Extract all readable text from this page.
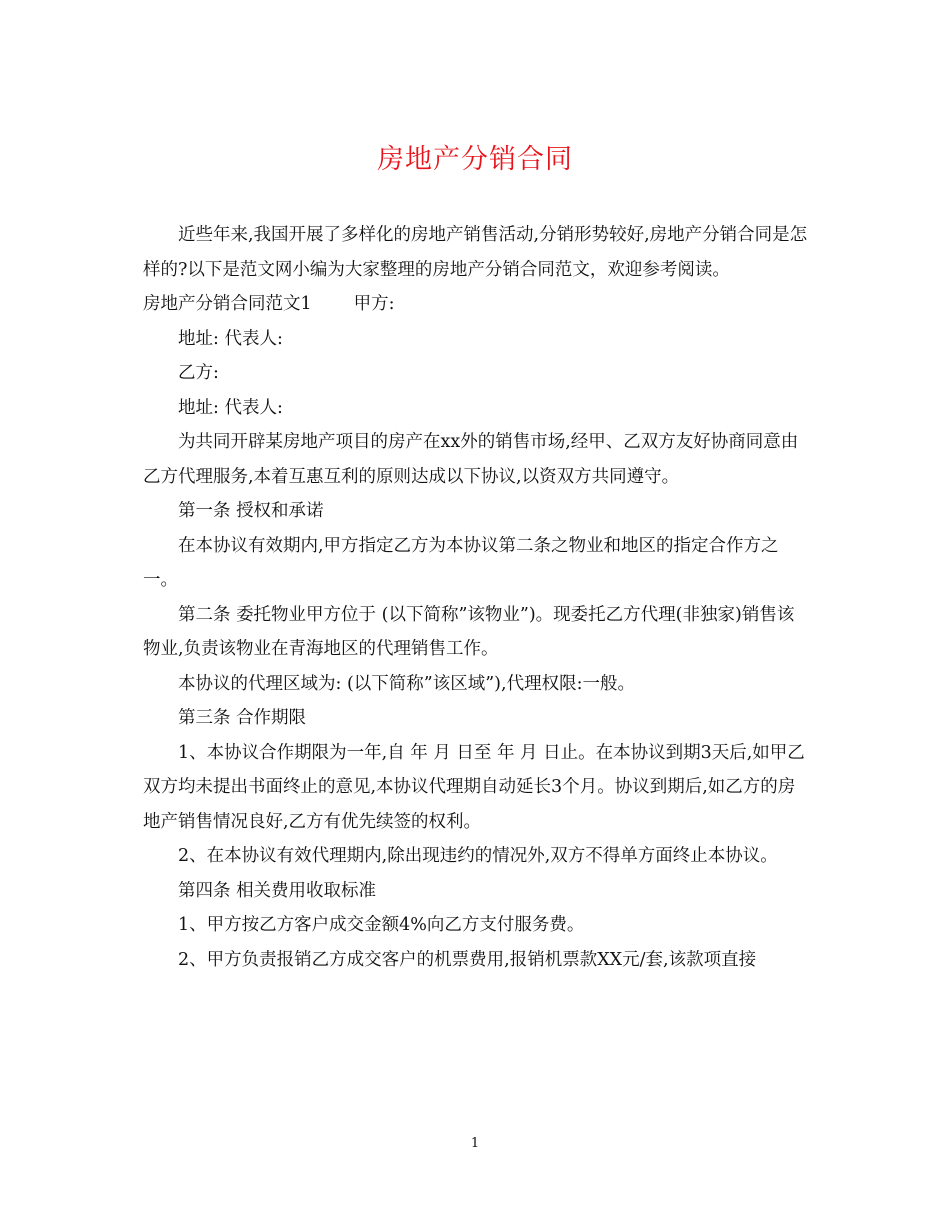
房地产分销合同

近些年来,我国开展了多样化的房地产销售活动,分销形势较好,房地产分销合同是怎样的?以下是范文网小编为大家整理的房地产分销合同范文，欢迎参考阅读。

房地产分销合同范文1 甲方:

地址: 代表人:

乙方:

地址: 代表人:

为共同开辟某房地产项目的房产在xx外的销售市场,经甲、乙双方友好协商同意由乙方代理服务,本着互惠互利的原则达成以下协议,以资双方共同遵守。

第一条 授权和承诺

在本协议有效期内,甲方指定乙方为本协议第二条之物业和地区的指定合作方之一。

第二条 委托物业甲方位于 (以下简称”该物业”)。现委托乙方代理(非独家)销售该物业,负责该物业在青海地区的代理销售工作。

本协议的代理区域为: (以下简称”该区域”),代理权限:一般。

第三条 合作期限

1、本协议合作期限为一年,自 年 月 日至 年 月 日止。在本协议到期3天后,如甲乙双方均未提出书面终止的意见,本协议代理期自动延长3个月。协议到期后,如乙方的房地产销售情况良好,乙方有优先续签的权利。

2、在本协议有效代理期内,除出现违约的情况外,双方不得单方面终止本协议。

第四条 相关费用收取标准

1、甲方按乙方客户成交金额4%向乙方支付服务费。

2、甲方负责报销乙方成交客户的机票费用,报销机票款XX元/套,该款项直接

1
